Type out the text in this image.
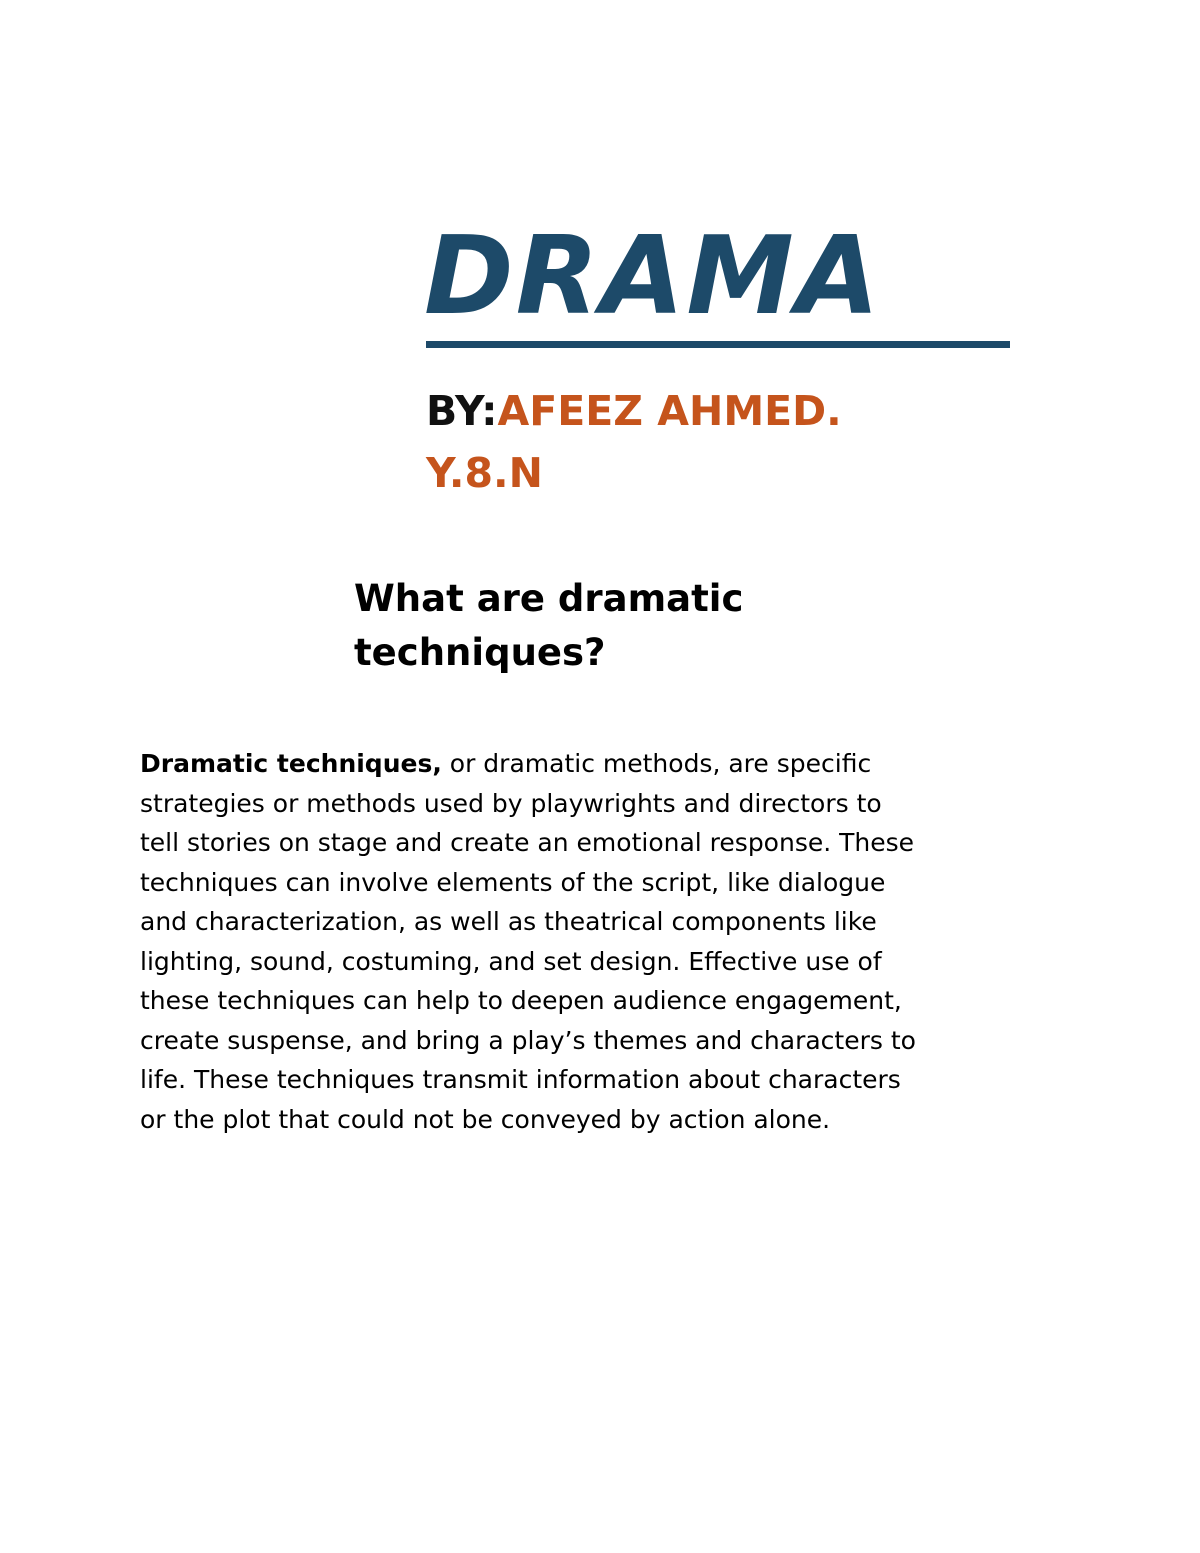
DRAMA

BY:AFEEZ AHMED.
Y.8.N

What are dramatic
techniques?

Dramatic techniques, or dramatic methods, are specific
strategies or methods used by playwrights and directors to
tell stories on stage and create an emotional response. These
techniques can involve elements of the script, like dialogue
and characterization, as well as theatrical components like
lighting, sound, costuming, and set design. Effective use of
these techniques can help to deepen audience engagement,
create suspense, and bring a play’s themes and characters to
life. These techniques transmit information about characters
or the plot that could not be conveyed by action alone.
